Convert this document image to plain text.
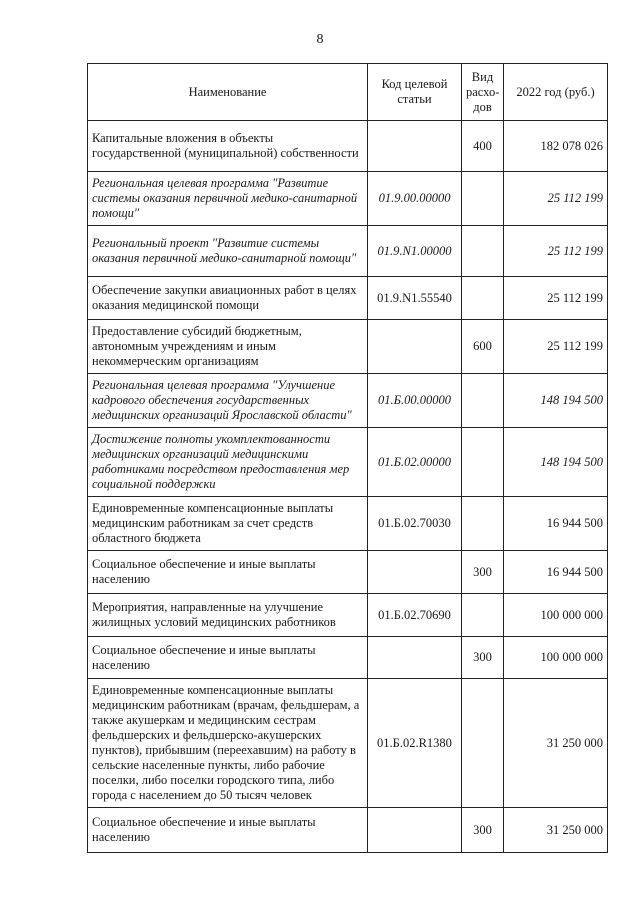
8
Наименование	Код целевой статьи	Вид расхо-дов	2022 год (руб.)
Капитальные вложения в объекты государственной (муниципальной) собственности		400	182 078 026
Региональная целевая программа "Развитие системы оказания первичной медико-санитарной помощи"	01.9.00.00000		25 112 199
Региональный проект "Развитие системы оказания первичной медико-санитарной помощи"	01.9.N1.00000		25 112 199
Обеспечение закупки авиационных работ в целях оказания медицинской помощи	01.9.N1.55540		25 112 199
Предоставление субсидий бюджетным, автономным учреждениям и иным некоммерческим организациям		600	25 112 199
Региональная целевая программа "Улучшение кадрового обеспечения государственных медицинских организаций Ярославской области"	01.Б.00.00000		148 194 500
Достижение полноты укомплектованности медицинских организаций медицинскими работниками посредством предоставления мер социальной поддержки	01.Б.02.00000		148 194 500
Единовременные компенсационные выплаты медицинским работникам за счет средств областного бюджета	01.Б.02.70030		16 944 500
Социальное обеспечение и иные выплаты населению		300	16 944 500
Мероприятия, направленные на улучшение жилищных условий медицинских работников	01.Б.02.70690		100 000 000
Социальное обеспечение и иные выплаты населению		300	100 000 000
Единовременные компенсационные выплаты медицинским работникам (врачам, фельдшерам, а также акушеркам и медицинским сестрам фельдшерских и фельдшерско-акушерских пунктов), прибывшим (переехавшим) на работу в сельские населенные пункты, либо рабочие поселки, либо поселки городского типа, либо города с населением до 50 тысяч человек	01.Б.02.R1380		31 250 000
Социальное обеспечение и иные выплаты населению		300	31 250 000
